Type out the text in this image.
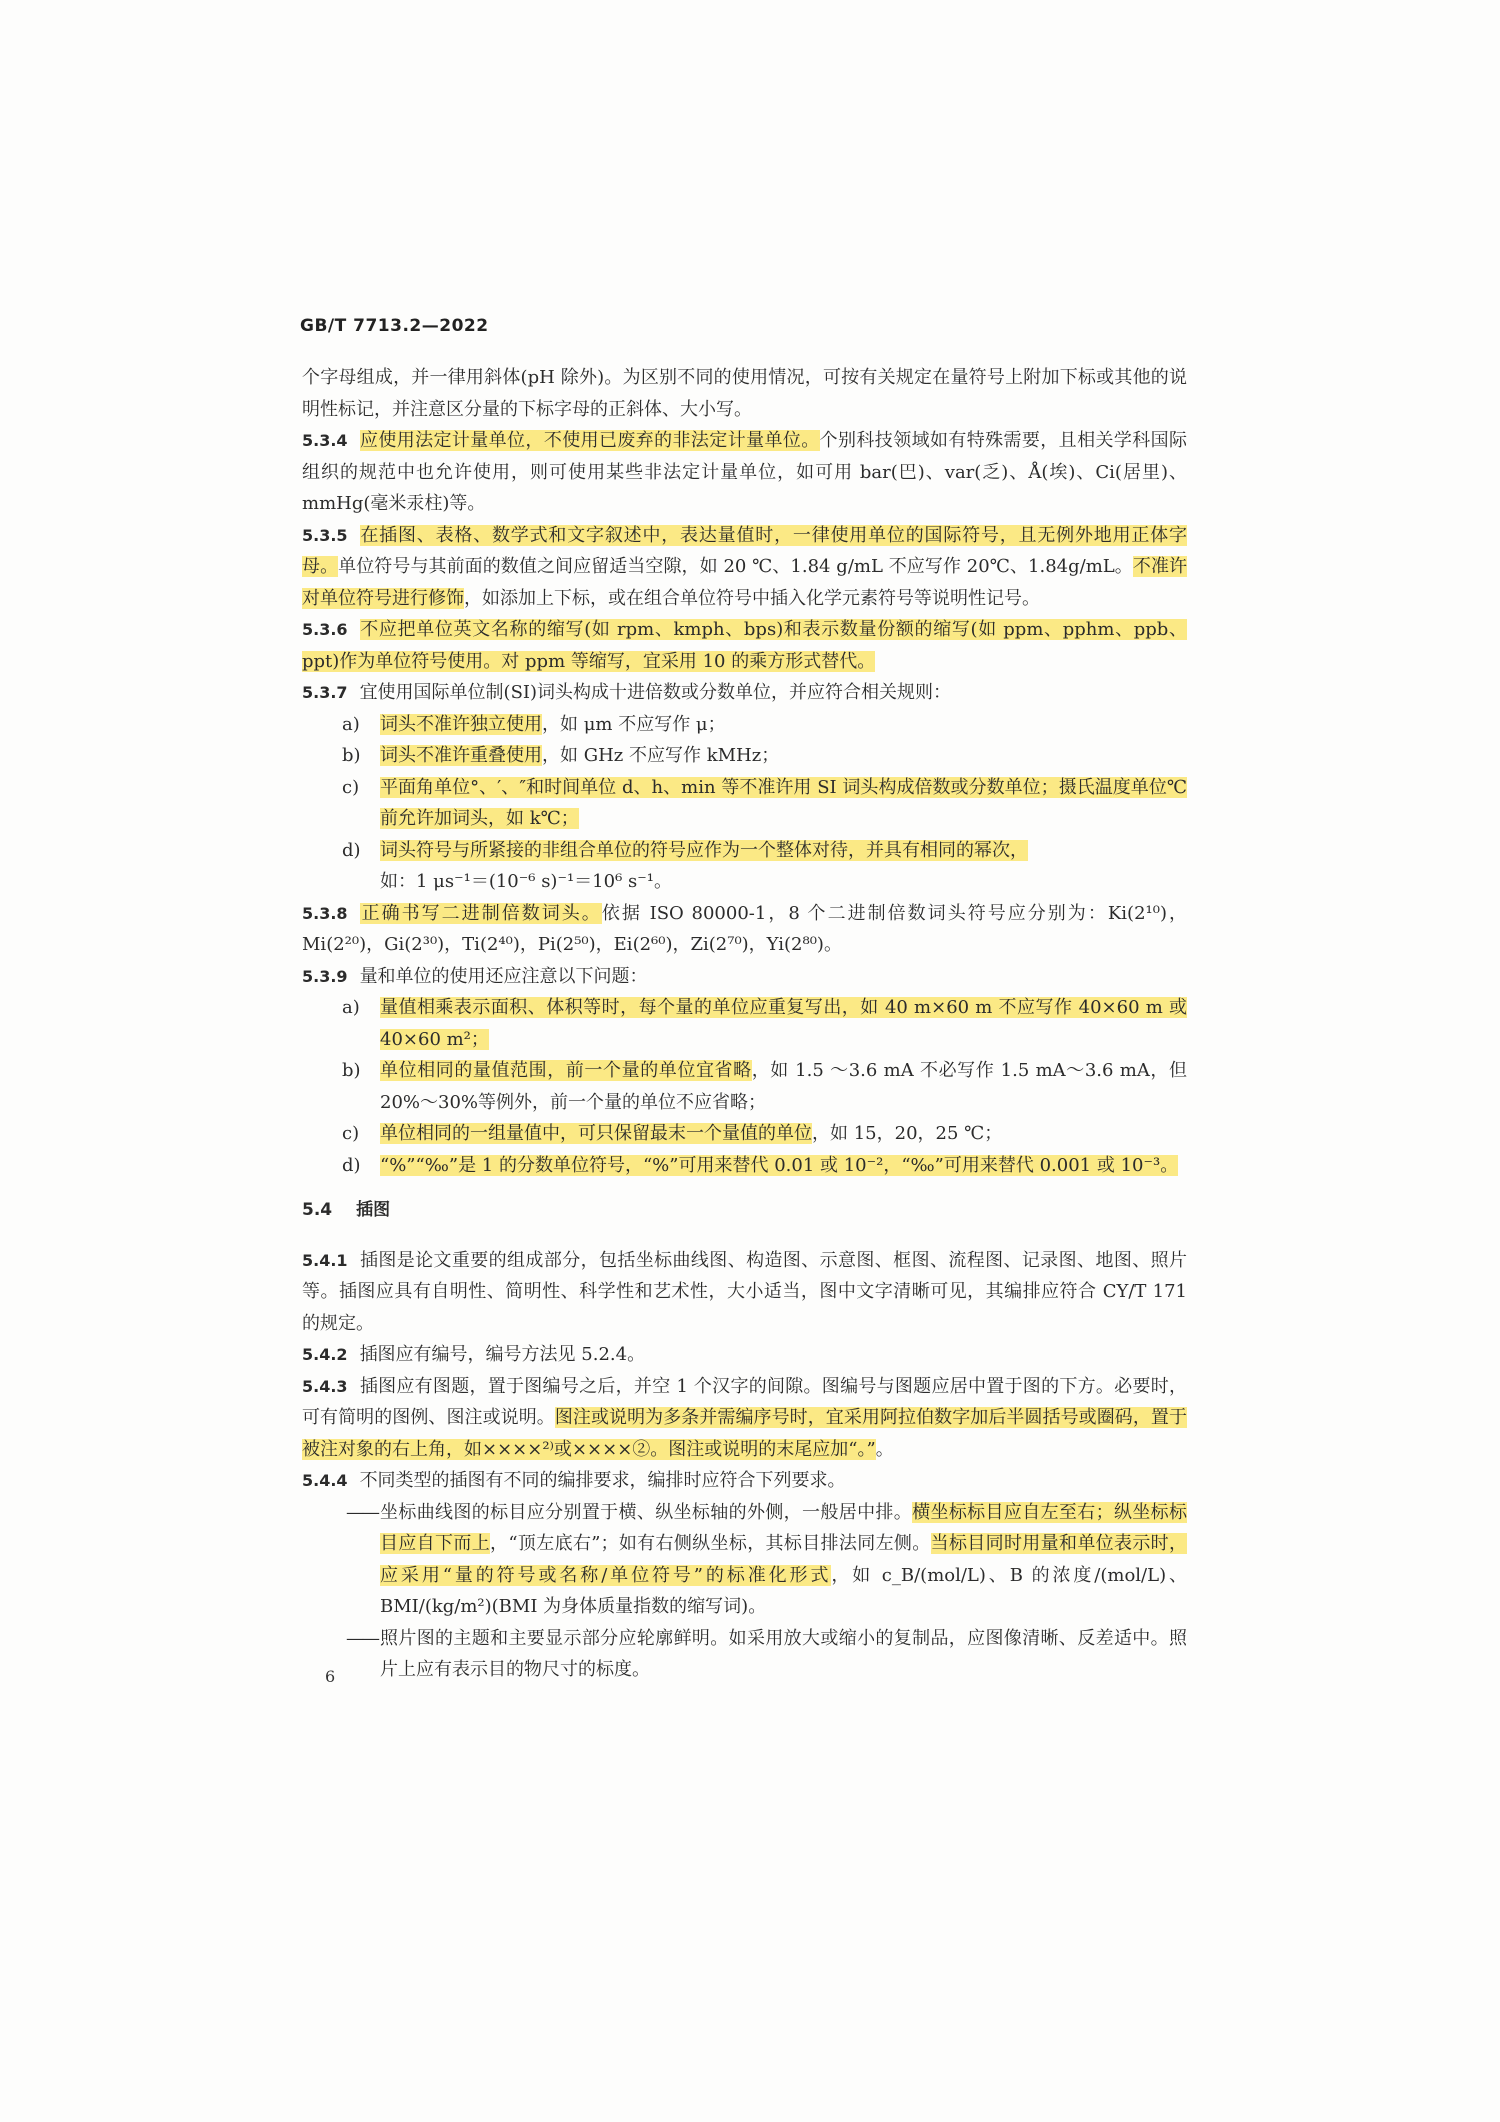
GB/T 7713.2—2022

个字母组成，并一律用斜体(pH 除外)。为区别不同的使用情况，可按有关规定在量符号上附加下标或其他的说明性标记，并注意区分量的下标字母的正斜体、大小写。

5.3.4 应使用法定计量单位，不使用已废弃的非法定计量单位。个别科技领域如有特殊需要，且相关学科国际组织的规范中也允许使用，则可使用某些非法定计量单位，如可用 bar(巴)、var(乏)、Å(埃)、Ci(居里)、mmHg(毫米汞柱)等。

5.3.5 在插图、表格、数学式和文字叙述中，表达量值时，一律使用单位的国际符号，且无例外地用正体字母。单位符号与其前面的数值之间应留适当空隙，如 20 ℃、1.84 g/mL 不应写作 20℃、1.84g/mL。不准许对单位符号进行修饰，如添加上下标，或在组合单位符号中插入化学元素符号等说明性记号。

5.3.6 不应把单位英文名称的缩写(如 rpm、kmph、bps)和表示数量份额的缩写(如 ppm、pphm、ppb、ppt)作为单位符号使用。对 ppm 等缩写，宜采用 10 的乘方形式替代。

5.3.7 宜使用国际单位制(SI)词头构成十进倍数或分数单位，并应符合相关规则：

a) 词头不准许独立使用，如 μm 不应写作 μ；
b) 词头不准许重叠使用，如 GHz 不应写作 kMHz；
c) 平面角单位°、′、″和时间单位 d、h、min 等不准许用 SI 词头构成倍数或分数单位；摄氏温度单位℃前允许加词头，如 k℃；
d) 词头符号与所紧接的非组合单位的符号应作为一个整体对待，并具有相同的幂次，
如：1 μs⁻¹＝(10⁻⁶ s)⁻¹＝10⁶ s⁻¹。

5.3.8 正确书写二进制倍数词头。依据 ISO 80000-1，8 个二进制倍数词头符号应分别为：Ki(2¹⁰)，Mi(2²⁰)，Gi(2³⁰)，Ti(2⁴⁰)，Pi(2⁵⁰)，Ei(2⁶⁰)，Zi(2⁷⁰)，Yi(2⁸⁰)。

5.3.9 量和单位的使用还应注意以下问题：

a) 量值相乘表示面积、体积等时，每个量的单位应重复写出，如 40 m×60 m 不应写作 40×60 m 或 40×60 m²；
b) 单位相同的量值范围，前一个量的单位宜省略，如 1.5 ～3.6 mA 不必写作 1.5 mA～3.6 mA，但 20%～30%等例外，前一个量的单位不应省略；
c) 单位相同的一组量值中，可只保留最末一个量值的单位，如 15，20，25 ℃；
d) “%”“‰”是 1 的分数单位符号，“%”可用来替代 0.01 或 10⁻²，“‰”可用来替代 0.001 或 10⁻³。
5.4 插图

5.4.1 插图是论文重要的组成部分，包括坐标曲线图、构造图、示意图、框图、流程图、记录图、地图、照片等。插图应具有自明性、简明性、科学性和艺术性，大小适当，图中文字清晰可见，其编排应符合 CY/T 171 的规定。

5.4.2 插图应有编号，编号方法见 5.2.4。

5.4.3 插图应有图题，置于图编号之后，并空 1 个汉字的间隙。图编号与图题应居中置于图的下方。必要时，可有简明的图例、图注或说明。图注或说明为多条并需编序号时，宜采用阿拉伯数字加后半圆括号或圈码，置于被注对象的右上角，如××××²⁾或××××②。图注或说明的末尾应加“。”。

5.4.4 不同类型的插图有不同的编排要求，编排时应符合下列要求。

—— 坐标曲线图的标目应分别置于横、纵坐标轴的外侧，一般居中排。横坐标标目应自左至右；纵坐标标目应自下而上，“顶左底右”；如有右侧纵坐标，其标目排法同左侧。当标目同时用量和单位表示时，应采用“量的符号或名称/单位符号”的标准化形式，如 c_B/(mol/L)、B 的浓度/(mol/L)、BMI/(kg/m²)(BMI 为身体质量指数的缩写词)。
—— 照片图的主题和主要显示部分应轮廓鲜明。如采用放大或缩小的复制品，应图像清晰、反差适中。照片上应有表示目的物尺寸的标度。
6
